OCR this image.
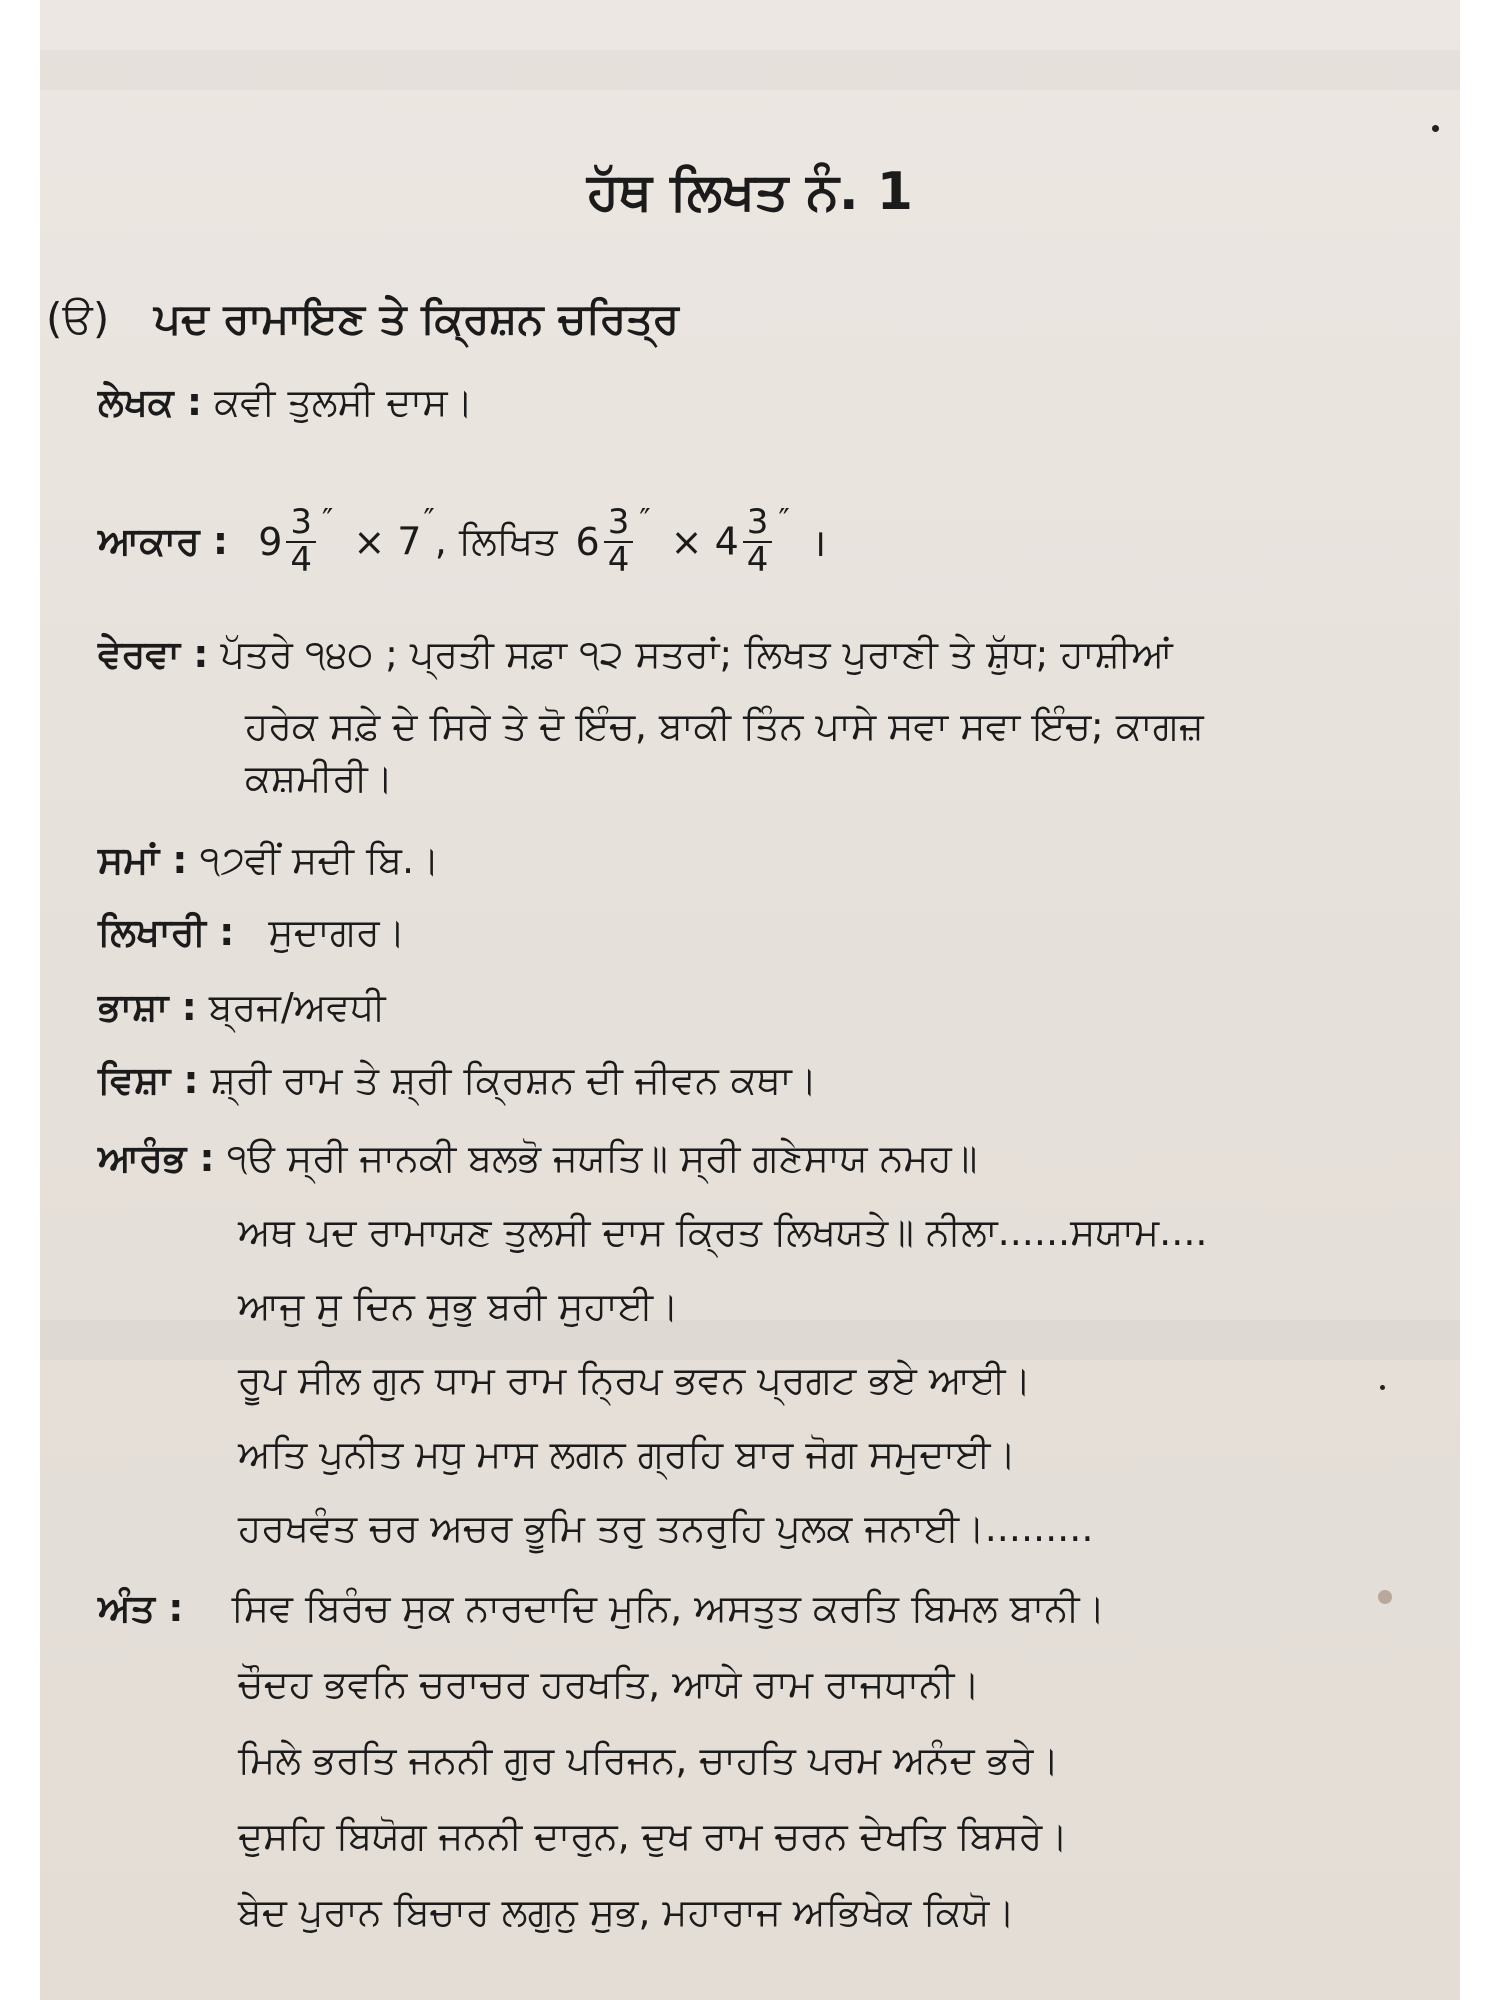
ਹੱਥ ਲਿਖਤ ਨੰ. 1
(ੳ) ਪਦ ਰਾਮਾਇਣ ਤੇ ਕ੍ਰਿਸ਼ਨ ਚਰਿਤ੍ਰ
ਲੇਖਕ : ਕਵੀ ਤੁਲਸੀ ਦਾਸ।
ਆਕਾਰ : $9 \frac{3}{4} '' \times 7''$, ਲਿਖਿਤ $6 \frac{3}{4} '' \times 4 \frac{3}{4} ''$ ।
ਵੇਰਵਾ : ਪੱਤਰੇ ੧੪੦ ; ਪ੍ਰਤੀ ਸਫ਼ਾ ੧੨ ਸਤਰਾਂ; ਲਿਖਤ ਪੁਰਾਣੀ ਤੇ ਸ਼ੁੱਧ; ਹਾਸ਼ੀਆਂ
ਹਰੇਕ ਸਫ਼ੇ ਦੇ ਸਿਰੇ ਤੇ ਦੋ ਇੰਚ, ਬਾਕੀ ਤਿੰਨ ਪਾਸੇ ਸਵਾ ਸਵਾ ਇੰਚ; ਕਾਗਜ਼
ਕਸ਼ਮੀਰੀ।
ਸਮਾਂ : ੧੭ਵੀਂ ਸਦੀ ਬਿ.।
ਲਿਖਾਰੀ : ਸੁਦਾਗਰ।
ਭਾਸ਼ਾ : ਬ੍ਰਜ/ਅਵਧੀ
ਵਿਸ਼ਾ : ਸ਼੍ਰੀ ਰਾਮ ਤੇ ਸ਼੍ਰੀ ਕ੍ਰਿਸ਼ਨ ਦੀ ਜੀਵਨ ਕਥਾ।
ਆਰੰਭ : ੧ੳ ਸ੍ਰੀ ਜਾਨਕੀ ਬਲਭੋ ਜਯਤਿ॥ ਸ੍ਰੀ ਗਣੇਸਾਯ ਨਮਹ॥
ਅਥ ਪਦ ਰਾਮਾਯਣ ਤੁਲਸੀ ਦਾਸ ਕ੍ਰਿਤ ਲਿਖਯਤੇ॥ ਨੀਲਾ......ਸਯਾਮ....
ਆਜੁ ਸੁ ਦਿਨ ਸੁਭੁ ਬਰੀ ਸੁਹਾਈ।
ਰੂਪ ਸੀਲ ਗੁਨ ਧਾਮ ਰਾਮ ਨ੍ਰਿਪ ਭਵਨ ਪ੍ਰਗਟ ਭਏ ਆਈ।
ਅਤਿ ਪੁਨੀਤ ਮਧੁ ਮਾਸ ਲਗਨ ਗ੍ਰਹਿ ਬਾਰ ਜੋਗ ਸਮੁਦਾਈ।
ਹਰਖਵੰਤ ਚਰ ਅਚਰ ਭੂਮਿ ਤਰੁ ਤਨਰੁਹਿ ਪੁਲਕ ਜਨਾਈ।.........
ਅੰਤ : ਸਿਵ ਬਿਰੰਚ ਸੁਕ ਨਾਰਦਾਦਿ ਮੁਨਿ, ਅਸਤੁਤ ਕਰਤਿ ਬਿਮਲ ਬਾਨੀ।
ਚੌਦਹ ਭਵਨਿ ਚਰਾਚਰ ਹਰਖਤਿ, ਆਯੇ ਰਾਮ ਰਾਜਧਾਨੀ।
ਮਿਲੇ ਭਰਤਿ ਜਨਨੀ ਗੁਰ ਪਰਿਜਨ, ਚਾਹਤਿ ਪਰਮ ਅਨੰਦ ਭਰੇ।
ਦੁਸਹਿ ਬਿਯੋਗ ਜਨਨੀ ਦਾਰੁਨ, ਦੁਖ ਰਾਮ ਚਰਨ ਦੇਖਤਿ ਬਿਸਰੇ।
ਬੇਦ ਪੁਰਾਨ ਬਿਚਾਰ ਲਗੁਨੁ ਸੁਭ, ਮਹਾਰਾਜ ਅਭਿਖੇਕ ਕਿਯੋ।
